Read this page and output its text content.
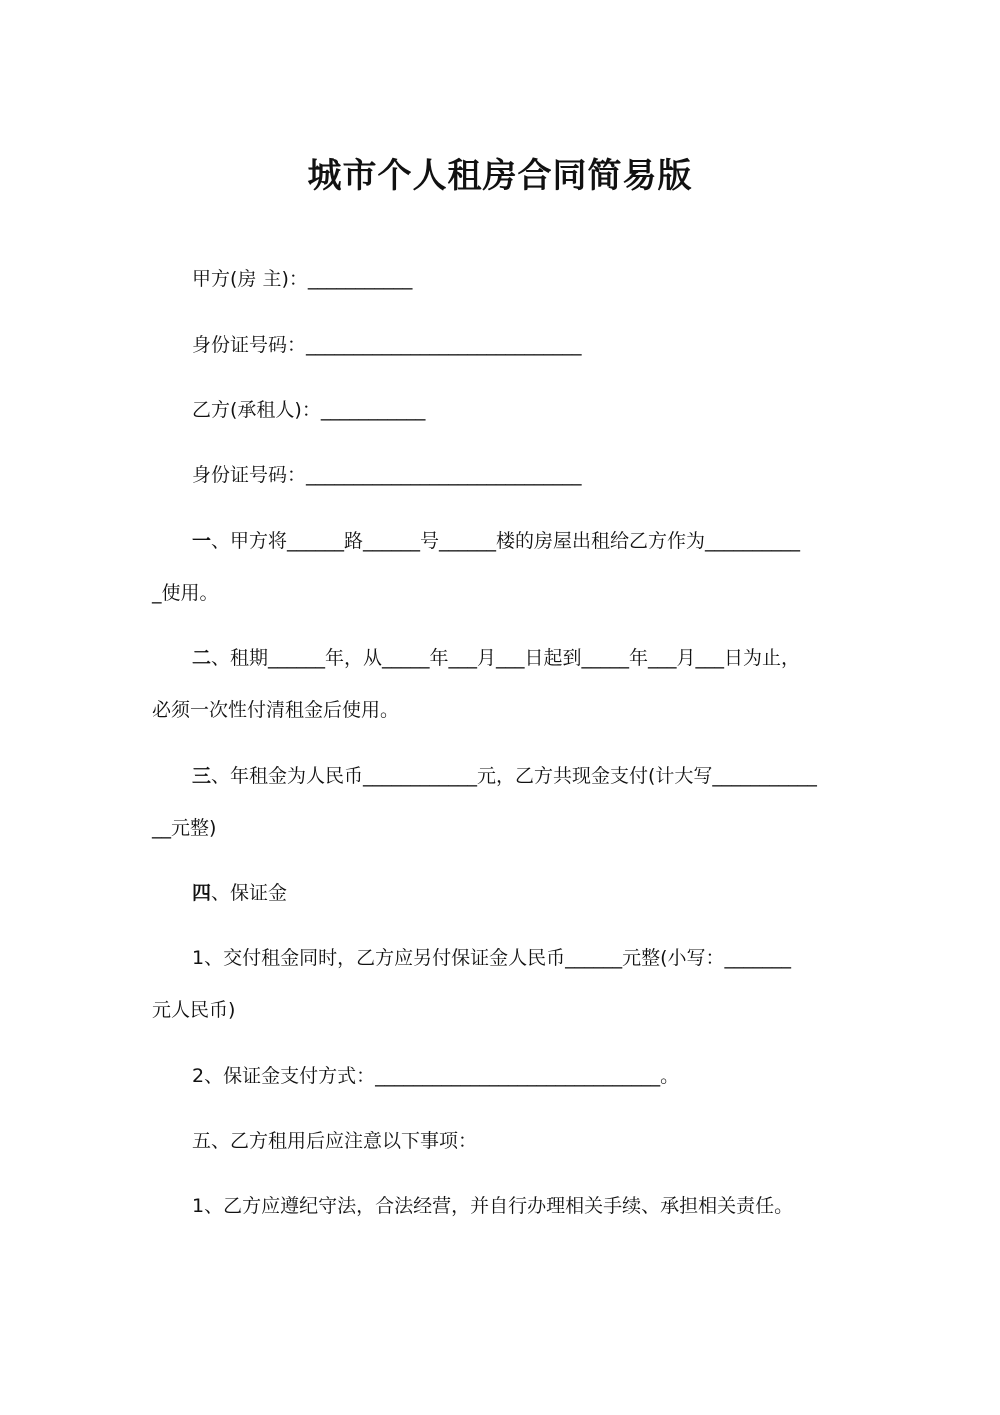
城市个人租房合同简易版
甲方(房 主)：___________
身份证号码：_____________________________
乙方(承租人)：___________
身份证号码：_____________________________
一、甲方将______路______号______楼的房屋出租给乙方作为__________
_使用。
二、租期______年，从_____年___月___日起到_____年___月___日为止，
必须一次性付清租金后使用。
三、年租金为人民币____________元，乙方共现金支付(计大写___________
__元整)
四、保证金
1、交付租金同时，乙方应另付保证金人民币______元整(小写：_______
元人民币)
2、保证金支付方式：______________________________。
五、乙方租用后应注意以下事项：
1、乙方应遵纪守法，合法经营，并自行办理相关手续、承担相关责任。
